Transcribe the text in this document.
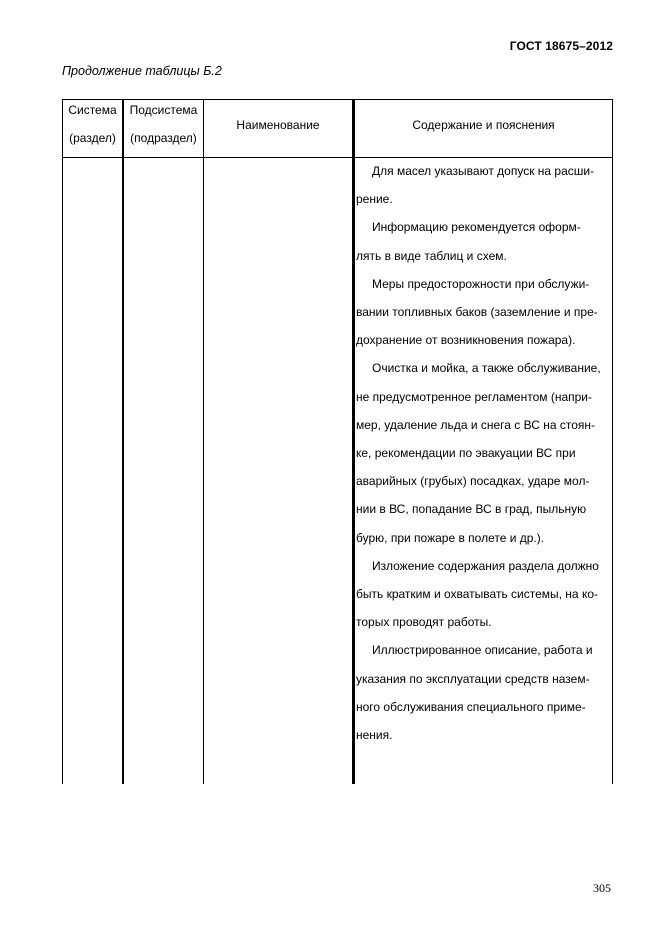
ГОСТ 18675–2012
Продолжение таблицы Б.2
Система
(раздел)
Подсистема
(подраздел)
Наименование	Содержание и пояснения

Для масел указывают допуск на расши-

рение.

Информацию рекомендуется оформ-

лять в виде таблиц и схем.

Меры предосторожности при обслужи-

вании топливных баков (заземление и пре-

дохранение от возникновения пожара).

Очистка и мойка, а также обслуживание,

не предусмотренное регламентом (напри-

мер, удаление льда и снега с ВС на стоян-

ке, рекомендации по эвакуации ВС при

аварийных (грубых) посадках, ударе мол-

нии в ВС, попадание ВС в град, пыльную

бурю, при пожаре в полете и др.).

Изложение содержания раздела должно

быть кратким и охватывать системы, на ко-

торых проводят работы.

Иллюстрированное описание, работа и

указания по эксплуатации средств назем-

ного обслуживания специального приме-

нения.

305
